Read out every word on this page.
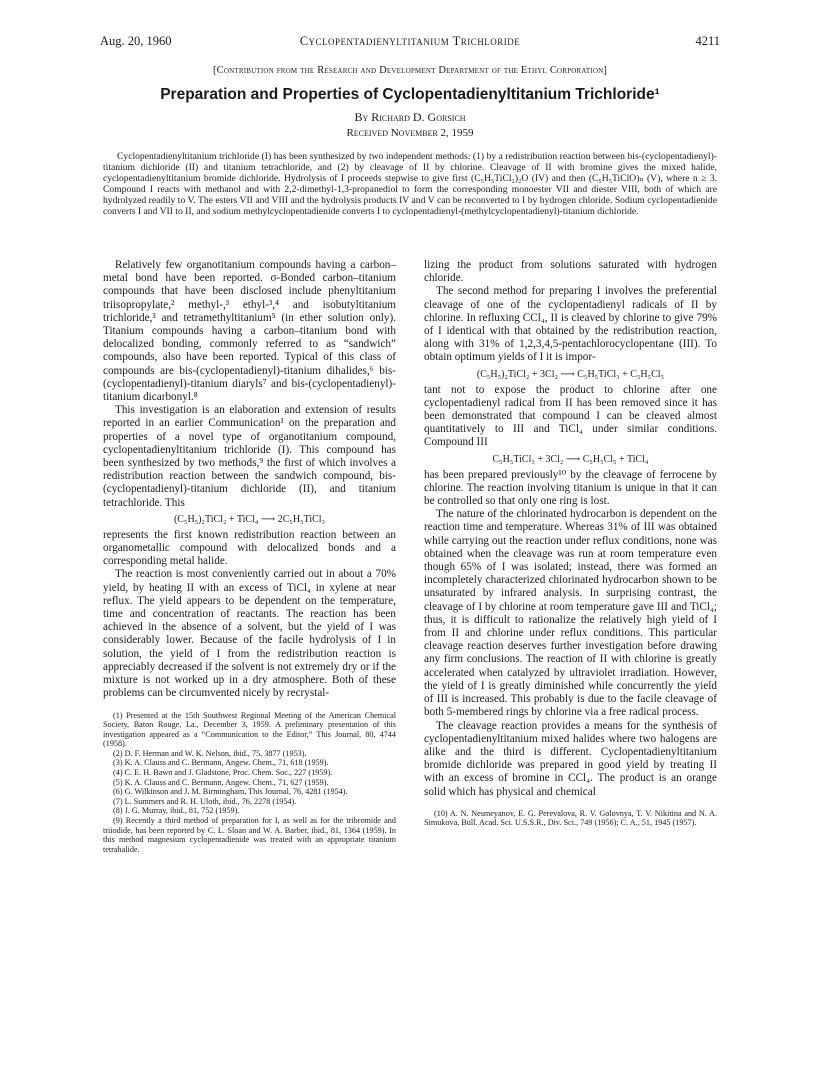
Aug. 20, 1960	Cyclopentadienyltitanium Trichloride	4211
[Contribution from the Research and Development Department of the Ethyl Corporation]
Preparation and Properties of Cyclopentadienyltitanium Trichloride¹
By Richard D. Gorsich
Received November 2, 1959

Cyclopentadienyltitanium trichloride (I) has been synthesized by two independent methods: (1) by a redistribution reaction between bis-(cyclopentadienyl)-titanium dichloride (II) and titanium tetrachloride, and (2) by cleavage of II by chlorine. Cleavage of II with bromine gives the mixed halide, cyclopentadienyltitanium bromide dichloride. Hydrolysis of I proceeds stepwise to give first (C₅H₅TiCl₂)₂O (IV) and then (C₅H₅TiClO)ₙ (V), where n ≥ 3. Compound I reacts with methanol and with 2,2-dimethyl-1,3-propanediol to form the corresponding monoester VII and diester VIII, both of which are hydrolyzed readily to V. The esters VII and VIII and the hydrolysis products IV and V can be reconverted to I by hydrogen chloride. Sodium cyclopentadienide converts I and VII to II, and sodium methylcyclopentadienide converts I to cyclopentadienyl-(methylcyclopentadienyl)-titanium dichloride.

Relatively few organotitanium compounds having a carbon–metal bond have been reported. σ-Bonded carbon–titanium compounds that have been disclosed include phenyltitanium triisopropylate,² methyl-,³ ethyl-³,⁴ and isobutyltitanium trichloride,³ and tetramethyltitanium⁵ (in ether solution only). Titanium compounds having a carbon–titanium bond with delocalized bonding, commonly referred to as “sandwich” compounds, also have been reported. Typical of this class of compounds are bis-(cyclopentadienyl)-titanium dihalides,⁶ bis-(cyclopentadienyl)-titanium diaryls⁷ and bis-(cyclopentadienyl)-titanium dicarbonyl.⁸

This investigation is an elaboration and extension of results reported in an earlier Communication¹ on the preparation and properties of a novel type of organotitanium compound, cyclopentadienyltitanium trichloride (I). This compound has been synthesized by two methods,⁹ the first of which involves a redistribution reaction between the sandwich compound, bis-(cyclopentadienyl)-titanium dichloride (II), and titanium tetrachloride. This

(C₅H₅)₂TiCl₂ + TiCl₄ ⟶ 2C₅H₅TiCl₃

represents the first known redistribution reaction between an organometallic compound with delocalized bonds and a corresponding metal halide.

The reaction is most conveniently carried out in about a 70% yield, by heating II with an excess of TiCl₄ in xylene at near reflux. The yield appears to be dependent on the temperature, time and concentration of reactants. The reaction has been achieved in the absence of a solvent, but the yield of I was considerably lower. Because of the facile hydrolysis of I in solution, the yield of I from the redistribution reaction is appreciably decreased if the solvent is not extremely dry or if the mixture is not worked up in a dry atmosphere. Both of these problems can be circumvented nicely by recrystal-

(1) Presented at the 15th Southwest Regional Meeting of the American Chemical Society, Baton Rouge, La., December 3, 1959. A preliminary presentation of this investigation appeared as a “Communication to the Editor,” This Journal, 80, 4744 (1958).

(2) D. F. Herman and W. K. Nelson, ibid., 75, 3877 (1953).

(3) K. A. Clauss and C. Bermann, Angew. Chem., 71, 618 (1959).

(4) C. E. H. Bawn and J. Gladstone, Proc. Chem. Soc., 227 (1959).

(5) K. A. Clauss and C. Bermann, Angew. Chem., 71, 627 (1959).

(6) G. Wilkinson and J. M. Birmingham, This Journal, 76, 4281 (1954).

(7) L. Summers and R. H. Uloth, ibid., 76, 2278 (1954).

(8) J. G. Murray, ibid., 81, 752 (1959).

(9) Recently a third method of preparation for I, as well as for the tribromide and triiodide, has been reported by C. L. Sloan and W. A. Barber, ibid., 81, 1364 (1959). In this method magnesium cyclopentadienide was treated with an appropriate titanium tetrahalide.

lizing the product from solutions saturated with hydrogen chloride.

The second method for preparing I involves the preferential cleavage of one of the cyclopentadienyl radicals of II by chlorine. In refluxing CCl₄, II is cleaved by chlorine to give 79% of I identical with that obtained by the redistribution reaction, along with 31% of 1,2,3,4,5-pentachlorocyclopentane (III). To obtain optimum yields of I it is impor-

(C₅H₅)₂TiCl₂ + 3Cl₂ ⟶ C₅H₅TiCl₃ + C₅H₅Cl₅

tant not to expose the product to chlorine after one cyclopentadienyl radical from II has been removed since it has been demonstrated that compound I can be cleaved almost quantitatively to III and TiCl₄ under similar conditions. Compound III

C₅H₅TiCl₃ + 3Cl₂ ⟶ C₅H₅Cl₅ + TiCl₄

has been prepared previously¹⁰ by the cleavage of ferrocene by chlorine. The reaction involving titanium is unique in that it can be controlled so that only one ring is lost.

The nature of the chlorinated hydrocarbon is dependent on the reaction time and temperature. Whereas 31% of III was obtained while carrying out the reaction under reflux conditions, none was obtained when the cleavage was run at room temperature even though 65% of I was isolated; instead, there was formed an incompletely characterized chlorinated hydrocarbon shown to be unsaturated by infrared analysis. In surprising contrast, the cleavage of I by chlorine at room temperature gave III and TiCl₄; thus, it is difficult to rationalize the relatively high yield of I from II and chlorine under reflux conditions. This particular cleavage reaction deserves further investigation before drawing any firm conclusions. The reaction of II with chlorine is greatly accelerated when catalyzed by ultraviolet irradiation. However, the yield of I is greatly diminished while concurrently the yield of III is increased. This probably is due to the facile cleavage of both 5-membered rings by chlorine via a free radical process.

The cleavage reaction provides a means for the synthesis of cyclopentadienyltitanium mixed halides where two halogens are alike and the third is different. Cyclopentadienyltitanium bromide dichloride was prepared in good yield by treating II with an excess of bromine in CCl₄. The product is an orange solid which has physical and chemical

(10) A. N. Nesmeyanov, E. G. Perevalova, R. V. Golovnya, T. V. Nikitina and N. A. Simukova, Bull. Acad. Sci. U.S.S.R., Div. Sci., 749 (1956); C. A., 51, 1945 (1957).
